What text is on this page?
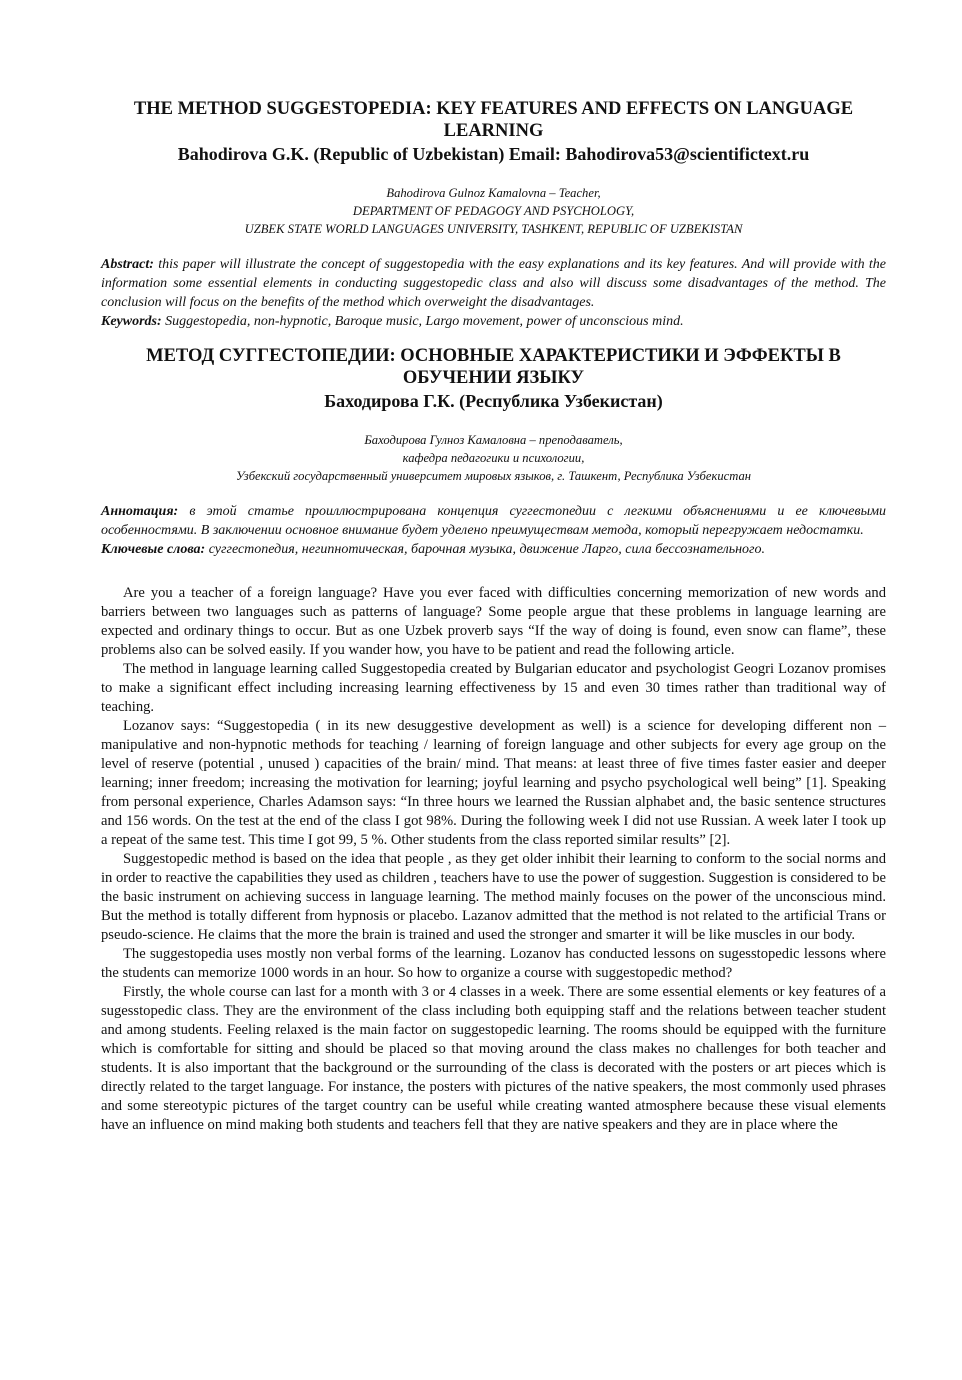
THE METHOD SUGGESTOPEDIA: KEY FEATURES AND EFFECTS ON LANGUAGE LEARNING
Bahodirova G.K. (Republic of Uzbekistan) Email: Bahodirova53@scientifictext.ru
Bahodirova Gulnoz Kamalovna – Teacher,
DEPARTMENT OF PEDAGOGY AND PSYCHOLOGY,
UZBEK STATE WORLD LANGUAGES UNIVERSITY, TASHKENT, REPUBLIC OF UZBEKISTAN
Abstract: this paper will illustrate the concept of suggestopedia with the easy explanations and its key features. And will provide with the information some essential elements in conducting suggestopedic class and also will discuss some disadvantages of the method. The conclusion will focus on the benefits of the method which overweight the disadvantages.
Keywords: Suggestopedia, non-hypnotic, Baroque music, Largo movement, power of unconscious mind.
МЕТОД СУГГЕСТОПЕДИИ: ОСНОВНЫЕ ХАРАКТЕРИСТИКИ И ЭФФЕКТЫ В ОБУЧЕНИИ ЯЗЫКУ
Баходирова Г.К. (Республика Узбекистан)
Баходирова Гулноз Камаловна – преподаватель,
кафедра педагогики и психологии,
Узбекский государственный университет мировых языков, г. Ташкент, Республика Узбекистан
Аннотация: в этой статье проиллюстрирована концепция суггестопедии с легкими объяснениями и ее ключевыми особенностями. В заключении основное внимание будет уделено преимуществам метода, который перегружает недостатки.
Ключевые слова: суггестопедия, негипнотическая, барочная музыка, движение Ларго, сила бессознательного.

Are you a teacher of a foreign language? Have you ever faced with difficulties concerning memorization of new words and barriers between two languages such as patterns of language? Some people argue that these problems in language learning are expected and ordinary things to occur. But as one Uzbek proverb says “If the way of doing is found, even snow can flame”, these problems also can be solved easily. If you wander how, you have to be patient and read the following article.

The method in language learning called Suggestopedia created by Bulgarian educator and psychologist Geogri Lozanov promises to make a significant effect including increasing learning effectiveness by 15 and even 30 times rather than traditional way of teaching.

Lozanov says: “Suggestopedia ( in its new desuggestive development as well) is a science for developing different non –manipulative and non-hypnotic methods for teaching / learning of foreign language and other subjects for every age group on the level of reserve (potential , unused ) capacities of the brain/ mind. That means: at least three of five times faster easier and deeper learning; inner freedom; increasing the motivation for learning; joyful learning and psycho psychological well being” [1]. Speaking from personal experience, Charles Adamson says: “In three hours we learned the Russian alphabet and, the basic sentence structures and 156 words. On the test at the end of the class I got 98%. During the following week I did not use Russian. A week later I took up a repeat of the same test. This time I got 99, 5 %. Other students from the class reported similar results” [2].

Suggestopedic method is based on the idea that people , as they get older inhibit their learning to conform to the social norms and in order to reactive the capabilities they used as children , teachers have to use the power of suggestion. Suggestion is considered to be the basic instrument on achieving success in language learning. The method mainly focuses on the power of the unconscious mind. But the method is totally different from hypnosis or placebo. Lazanov admitted that the method is not related to the artificial Trans or pseudo-science. He claims that the more the brain is trained and used the stronger and smarter it will be like muscles in our body.

The suggestopedia uses mostly non verbal forms of the learning. Lozanov has conducted lessons on sugesstopedic lessons where the students can memorize 1000 words in an hour. So how to organize a course with suggestopedic method?

Firstly, the whole course can last for a month with 3 or 4 classes in a week. There are some essential elements or key features of a sugesstopedic class. They are the environment of the class including both equipping staff and the relations between teacher student and among students. Feeling relaxed is the main factor on suggestopedic learning. The rooms should be equipped with the furniture which is comfortable for sitting and should be placed so that moving around the class makes no challenges for both teacher and students. It is also important that the background or the surrounding of the class is decorated with the posters or art pieces which is directly related to the target language. For instance, the posters with pictures of the native speakers, the most commonly used phrases and some stereotypic pictures of the target country can be useful while creating wanted atmosphere because these visual elements have an influence on mind making both students and teachers fell that they are native speakers and they are in place where the
